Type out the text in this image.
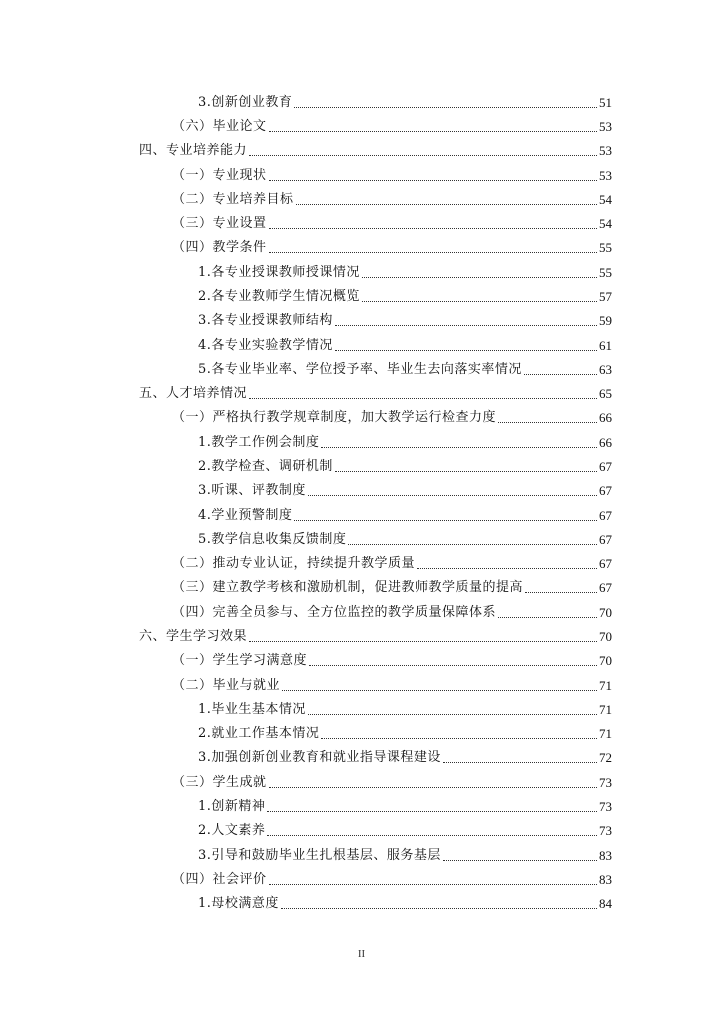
3.创新创业教育	51
（六）毕业论文	53
四、专业培养能力	53
（一）专业现状	53
（二）专业培养目标	54
（三）专业设置	54
（四）教学条件	55
1.各专业授课教师授课情况	55
2.各专业教师学生情况概览	57
3.各专业授课教师结构	59
4.各专业实验教学情况	61
5.各专业毕业率、学位授予率、毕业生去向落实率情况	63
五、人才培养情况	65
（一）严格执行教学规章制度，加大教学运行检查力度	66
1.教学工作例会制度	66
2.教学检查、调研机制	67
3.听课、评教制度	67
4.学业预警制度	67
5.教学信息收集反馈制度	67
（二）推动专业认证，持续提升教学质量	67
（三）建立教学考核和激励机制，促进教师教学质量的提高	67
（四）完善全员参与、全方位监控的教学质量保障体系	70
六、学生学习效果	70
（一）学生学习满意度	70
（二）毕业与就业	71
1.毕业生基本情况	71
2.就业工作基本情况	71
3.加强创新创业教育和就业指导课程建设	72
（三）学生成就	73
1.创新精神	73
2.人文素养	73
3.引导和鼓励毕业生扎根基层、服务基层	83
（四）社会评价	83
1.母校满意度	84
II
